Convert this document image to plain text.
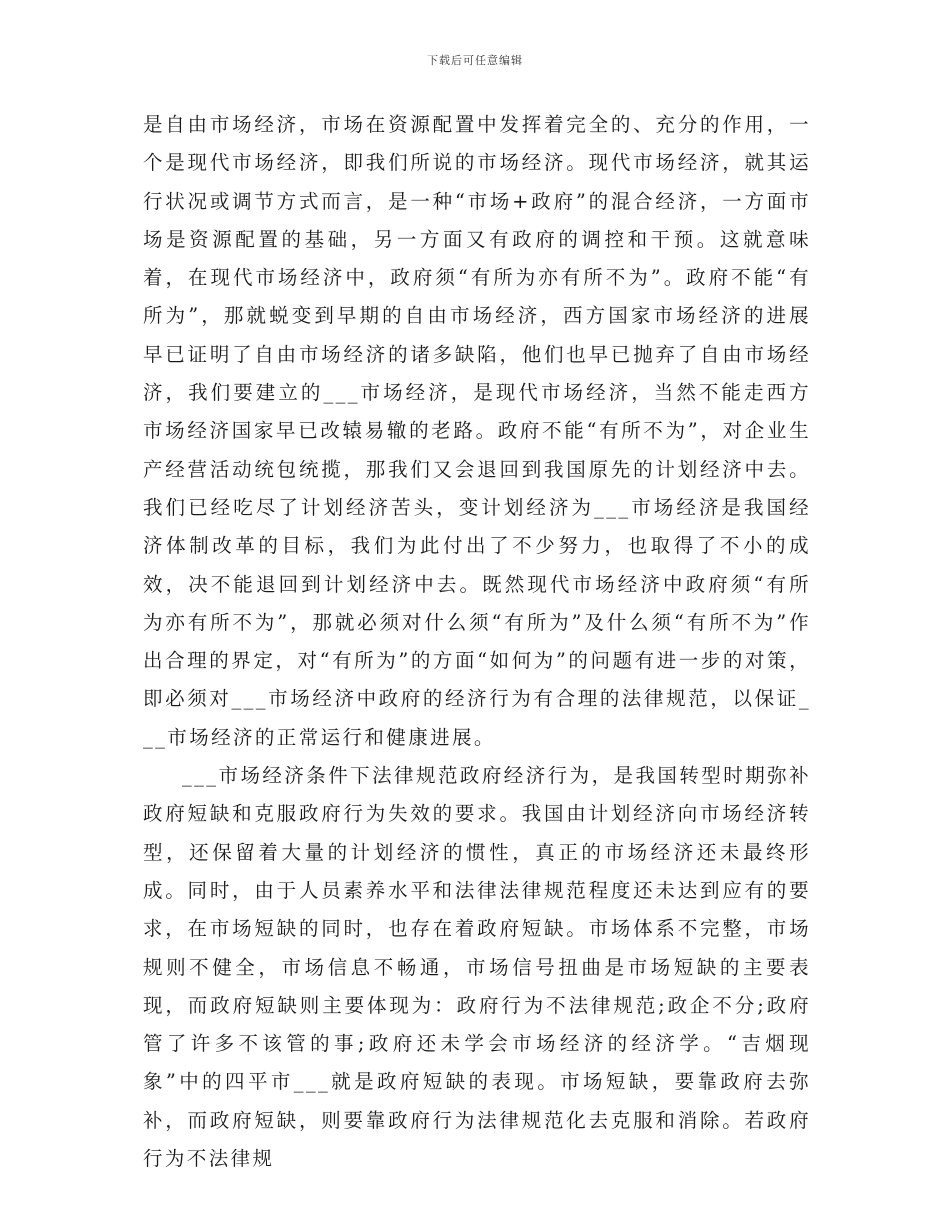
下载后可任意编辑

是自由市场经济，市场在资源配置中发挥着完全的、充分的作用，一个是现代市场经济，即我们所说的市场经济。现代市场经济，就其运行状况或调节方式而言，是一种“市场+政府”的混合经济，一方面市场是资源配置的基础，另一方面又有政府的调控和干预。这就意味着，在现代市场经济中，政府须“有所为亦有所不为”。政府不能“有所为”，那就蜕变到早期的自由市场经济，西方国家市场经济的进展早已证明了自由市场经济的诸多缺陷，他们也早已抛弃了自由市场经济，我们要建立的___市场经济，是现代市场经济，当然不能走西方市场经济国家早已改辕易辙的老路。政府不能“有所不为”，对企业生产经营活动统包统揽，那我们又会退回到我国原先的计划经济中去。我们已经吃尽了计划经济苦头，变计划经济为___市场经济是我国经济体制改革的目标，我们为此付出了不少努力，也取得了不小的成效，决不能退回到计划经济中去。既然现代市场经济中政府须“有所为亦有所不为”，那就必须对什么须“有所为”及什么须“有所不为”作出合理的界定，对“有所为”的方面“如何为”的问题有进一步的对策，即必须对___市场经济中政府的经济行为有合理的法律规范，以保证___市场经济的正常运行和健康进展。

___市场经济条件下法律规范政府经济行为，是我国转型时期弥补政府短缺和克服政府行为失效的要求。我国由计划经济向市场经济转型，还保留着大量的计划经济的惯性，真正的市场经济还未最终形成。同时，由于人员素养水平和法律法律规范程度还未达到应有的要求，在市场短缺的同时，也存在着政府短缺。市场体系不完整，市场规则不健全，市场信息不畅通，市场信号扭曲是市场短缺的主要表现，而政府短缺则主要体现为：政府行为不法律规范;政企不分;政府管了许多不该管的事;政府还未学会市场经济的经济学。“吉烟现象”中的四平市___就是政府短缺的表现。市场短缺，要靠政府去弥补，而政府短缺，则要靠政府行为法律规范化去克服和消除。若政府行为不法律规
